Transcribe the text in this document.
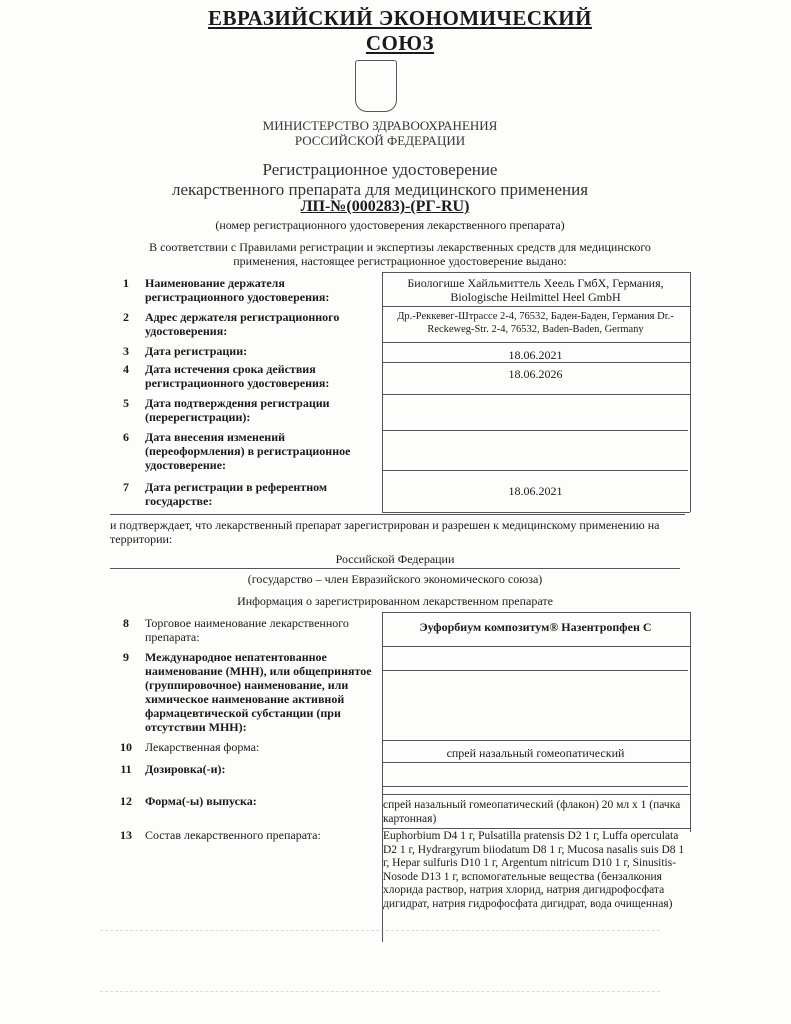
ЕВРАЗИЙСКИЙ ЭКОНОМИЧЕСКИЙ СОЮЗ
МИНИСТЕРСТВО ЗДРАВООХРАНЕНИЯ
РОССИЙСКОЙ ФЕДЕРАЦИИ
Регистрационное удостоверение
лекарственного препарата для медицинского применения
ЛП-№(000283)-(РГ-RU)
(номер регистрационного удостоверения лекарственного препарата)
В соответствии с Правилами регистрации и экспертизы лекарственных средств для медицинского применения, настоящее регистрационное удостоверение выдано:
1	Наименование держателя регистрационного удостоверения:
Биологише Хайльмиттель Хеель ГмбХ, Германия, Biologische Heilmittel Heel GmbH
2	Адрес держателя регистрационного удостоверения:
Др.-Реккевег-Штрассе 2-4, 76532, Баден-Баден, Германия Dr.-Reckeweg-Str. 2-4, 76532, Baden-Baden, Germany
3	Дата регистрации:	18.06.2021
4	Дата истечения срока действия регистрационного удостоверения:
18.06.2026
5	Дата подтверждения регистрации (перерегистрации):
6	Дата внесения изменений (переоформления) в регистрационное удостоверение:
7	Дата регистрации в референтном государстве:
18.06.2021
и подтверждает, что лекарственный препарат зарегистрирован и разрешен к медицинскому применению на территории:
Российской Федерации
(государство – член Евразийского экономического союза)
Информация о зарегистрированном лекарственном препарате
8	Торговое наименование лекарственного препарата:
Эуфорбиум композитум® Назентропфен С
9	Международное непатентованное наименование (МНН), или общепринятое (группировочное) наименование, или химическое наименование активной фармацевтической субстанции (при отсутствии МНН):
10	Лекарственная форма:	спрей назальный гомеопатический
11	Дозировка(-и):
12	Форма(-ы) выпуска:	спрей назальный гомеопатический (флакон) 20 мл х 1 (пачка картонная)
13	Состав лекарственного препарата:	Euphorbium D4 1 г, Pulsatilla pratensis D2 1 г, Luffa operculata D2 1 г, Hydrargyrum biiodatum D8 1 г, Mucosa nasalis suis D8 1 г, Hepar sulfuris D10 1 г, Argentum nitricum D10 1 г, Sinusitis-Nosode D13 1 г, вспомогательные вещества (бензалкония хлорида раствор, натрия хлорид, натрия дигидрофосфата дигидрат, натрия гидрофосфата дигидрат, вода очищенная)
